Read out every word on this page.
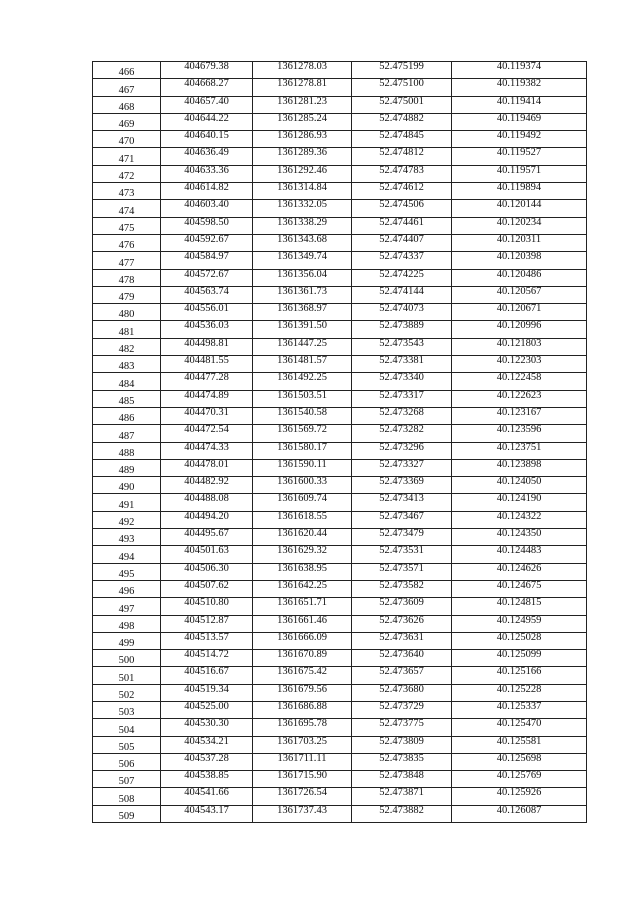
466	404679.38	1361278.03	52.475199	40.119374
467	404668.27	1361278.81	52.475100	40.119382
468	404657.40	1361281.23	52.475001	40.119414
469	404644.22	1361285.24	52.474882	40.119469
470	404640.15	1361286.93	52.474845	40.119492
471	404636.49	1361289.36	52.474812	40.119527
472	404633.36	1361292.46	52.474783	40.119571
473	404614.82	1361314.84	52.474612	40.119894
474	404603.40	1361332.05	52.474506	40.120144
475	404598.50	1361338.29	52.474461	40.120234
476	404592.67	1361343.68	52.474407	40.120311
477	404584.97	1361349.74	52.474337	40.120398
478	404572.67	1361356.04	52.474225	40.120486
479	404563.74	1361361.73	52.474144	40.120567
480	404556.01	1361368.97	52.474073	40.120671
481	404536.03	1361391.50	52.473889	40.120996
482	404498.81	1361447.25	52.473543	40.121803
483	404481.55	1361481.57	52.473381	40.122303
484	404477.28	1361492.25	52.473340	40.122458
485	404474.89	1361503.51	52.473317	40.122623
486	404470.31	1361540.58	52.473268	40.123167
487	404472.54	1361569.72	52.473282	40.123596
488	404474.33	1361580.17	52.473296	40.123751
489	404478.01	1361590.11	52.473327	40.123898
490	404482.92	1361600.33	52.473369	40.124050
491	404488.08	1361609.74	52.473413	40.124190
492	404494.20	1361618.55	52.473467	40.124322
493	404495.67	1361620.44	52.473479	40.124350
494	404501.63	1361629.32	52.473531	40.124483
495	404506.30	1361638.95	52.473571	40.124626
496	404507.62	1361642.25	52.473582	40.124675
497	404510.80	1361651.71	52.473609	40.124815
498	404512.87	1361661.46	52.473626	40.124959
499	404513.57	1361666.09	52.473631	40.125028
500	404514.72	1361670.89	52.473640	40.125099
501	404516.67	1361675.42	52.473657	40.125166
502	404519.34	1361679.56	52.473680	40.125228
503	404525.00	1361686.88	52.473729	40.125337
504	404530.30	1361695.78	52.473775	40.125470
505	404534.21	1361703.25	52.473809	40.125581
506	404537.28	1361711.11	52.473835	40.125698
507	404538.85	1361715.90	52.473848	40.125769
508	404541.66	1361726.54	52.473871	40.125926
509	404543.17	1361737.43	52.473882	40.126087
